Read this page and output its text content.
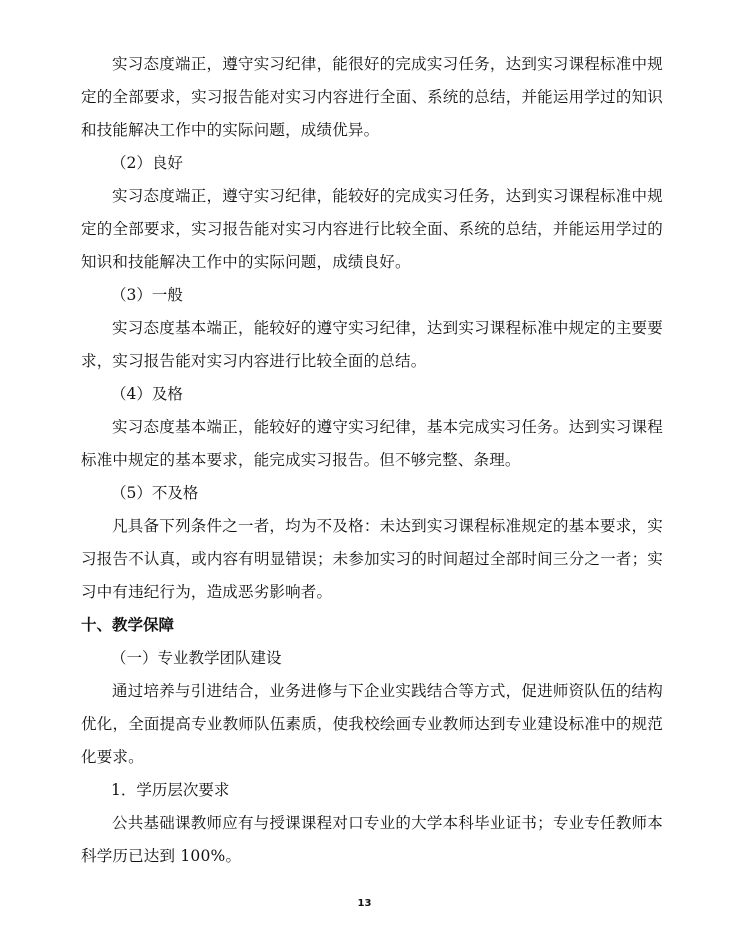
实习态度端正，遵守实习纪律，能很好的完成实习任务，达到实习课程标准中规定的全部要求，实习报告能对实习内容进行全面、系统的总结，并能运用学过的知识和技能解决工作中的实际问题，成绩优异。

（2）良好

实习态度端正，遵守实习纪律，能较好的完成实习任务，达到实习课程标准中规定的全部要求，实习报告能对实习内容进行比较全面、系统的总结，并能运用学过的知识和技能解决工作中的实际问题，成绩良好。

（3）一般

实习态度基本端正，能较好的遵守实习纪律，达到实习课程标准中规定的主要要求，实习报告能对实习内容进行比较全面的总结。

（4）及格

实习态度基本端正，能较好的遵守实习纪律，基本完成实习任务。达到实习课程标准中规定的基本要求，能完成实习报告。但不够完整、条理。

（5）不及格

凡具备下列条件之一者，均为不及格：未达到实习课程标准规定的基本要求，实习报告不认真，或内容有明显错误；未参加实习的时间超过全部时间三分之一者；实习中有违纪行为，造成恶劣影响者。

十、教学保障

（一）专业教学团队建设

通过培养与引进结合，业务进修与下企业实践结合等方式，促进师资队伍的结构优化，全面提高专业教师队伍素质，使我校绘画专业教师达到专业建设标准中的规范化要求。

1．学历层次要求

公共基础课教师应有与授课课程对口专业的大学本科毕业证书；专业专任教师本科学历已达到 100%。

13
